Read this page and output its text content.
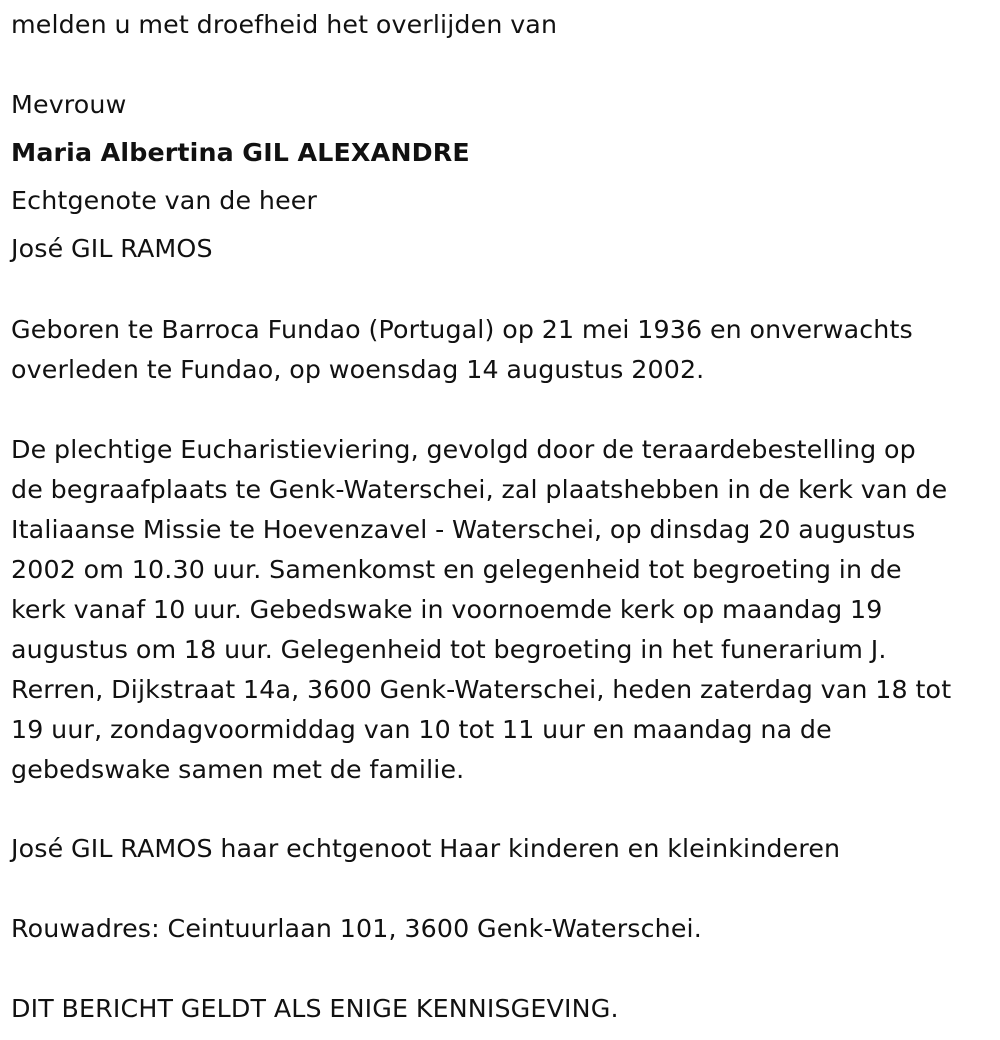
melden u met droefheid het overlijden van
Mevrouw
Maria Albertina GIL ALEXANDRE
Echtgenote van de heer
José GIL RAMOS
Geboren te Barroca Fundao (Portugal) op 21 mei 1936 en onverwachts
overleden te Fundao, op woensdag 14 augustus 2002.
De plechtige Eucharistieviering, gevolgd door de teraardebestelling op
de begraafplaats te Genk-Waterschei, zal plaatshebben in de kerk van de
Italiaanse Missie te Hoevenzavel - Waterschei, op dinsdag 20 augustus
2002 om 10.30 uur. Samenkomst en gelegenheid tot begroeting in de
kerk vanaf 10 uur. Gebedswake in voornoemde kerk op maandag 19
augustus om 18 uur. Gelegenheid tot begroeting in het funerarium J.
Rerren, Dijkstraat 14a, 3600 Genk-Waterschei, heden zaterdag van 18 tot
19 uur, zondagvoormiddag van 10 tot 11 uur en maandag na de
gebedswake samen met de familie.
José GIL RAMOS haar echtgenoot Haar kinderen en kleinkinderen
Rouwadres: Ceintuurlaan 101, 3600 Genk-Waterschei.
DIT BERICHT GELDT ALS ENIGE KENNISGEVING.
